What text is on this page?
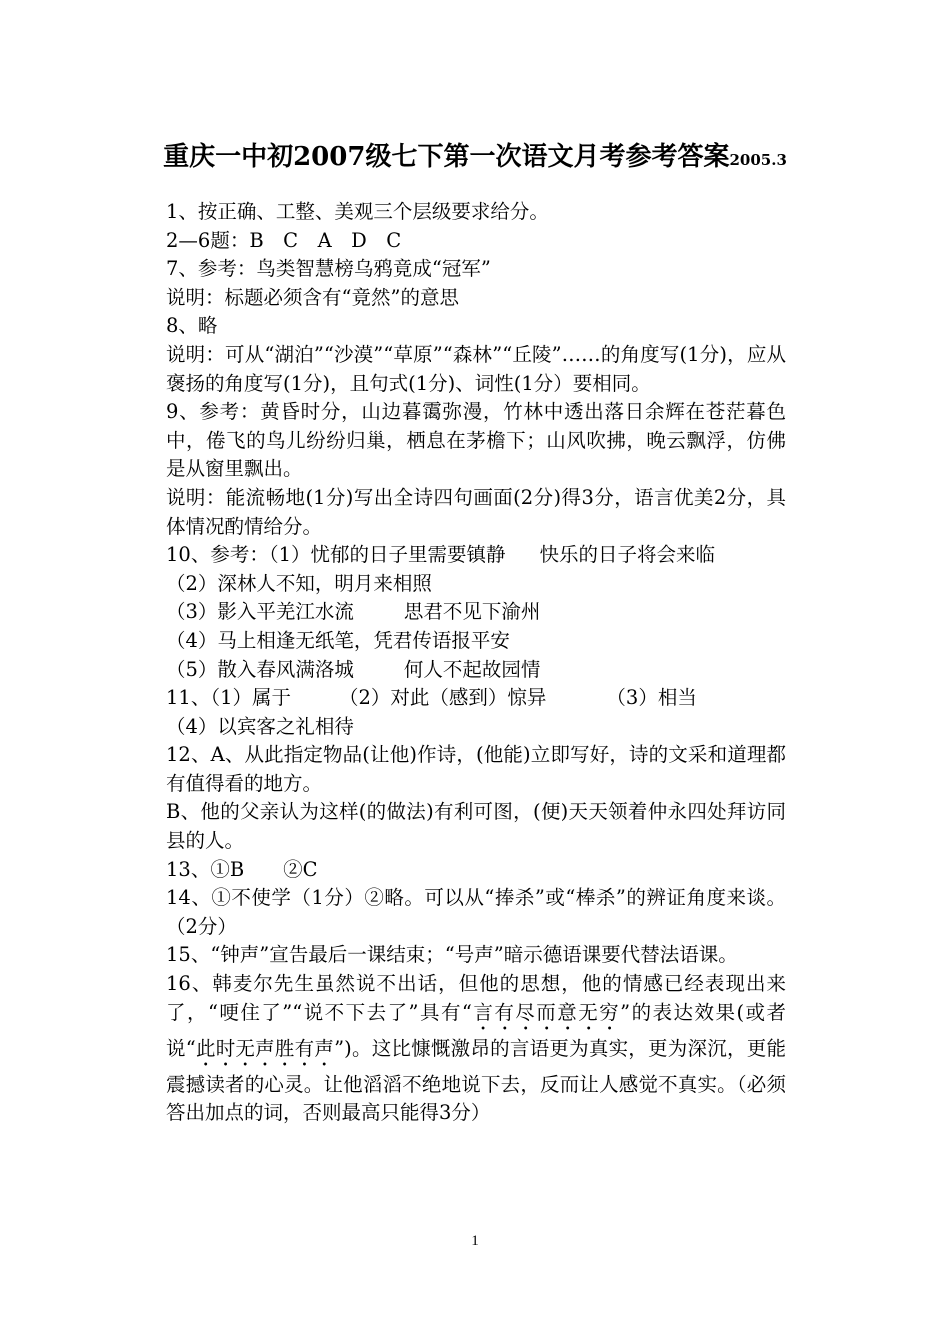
重庆一中初2007级七下第一次语文月考参考答案2005.3

1、按正确、工整、美观三个层级要求给分。

2—6题：B　C　A　D　C

7、参考：鸟类智慧榜乌鸦竟成“冠军”

说明：标题必须含有“竟然”的意思

8、略

说明：可从“湖泊”“沙漠”“草原”“森林”“丘陵”……的角度写(1分)，应从褒扬的角度写(1分)，且句式(1分)、词性(1分）要相同。

9、参考：黄昏时分，山边暮霭弥漫，竹林中透出落日余辉在苍茫暮色中，倦飞的鸟儿纷纷归巢，栖息在茅檐下；山风吹拂，晚云飘浮，仿佛是从窗里飘出。

说明：能流畅地(1分)写出全诗四句画面(2分)得3分，语言优美2分，具体情况酌情给分。

10、参考：（1）忧郁的日子里需要镇静 快乐的日子将会来临

（2）深林人不知，明月来相照

（3）影入平羌江水流	思君不见下渝州

（4）马上相逢无纸笔，凭君传语报平安

（5）散入春风满洛城	何人不起故园情

11、（1）属于 （2）对此（感到）惊异	（3）相当

（4）以宾客之礼相待

12、A、从此指定物品(让他)作诗，(他能)立即写好，诗的文采和道理都有值得看的地方。

B、他的父亲认为这样(的做法)有利可图，(便)天天领着仲永四处拜访同县的人。

13、①B　　②C

14、①不使学（1分）②略。可以从“捧杀”或“棒杀”的辨证角度来谈。（2分）

15、“钟声”宣告最后一课结束；“号声”暗示德语课要代替法语课。

16、韩麦尔先生虽然说不出话，但他的思想，他的情感已经表现出来了，“哽住了”“说不下去了”具有“言有尽而意无穷”的表达效果(或者说“此时无声胜有声”)。这比慷慨激昂的言语更为真实，更为深沉，更能震撼读者的心灵。让他滔滔不绝地说下去，反而让人感觉不真实。（必须答出加点的词，否则最高只能得3分）

1
